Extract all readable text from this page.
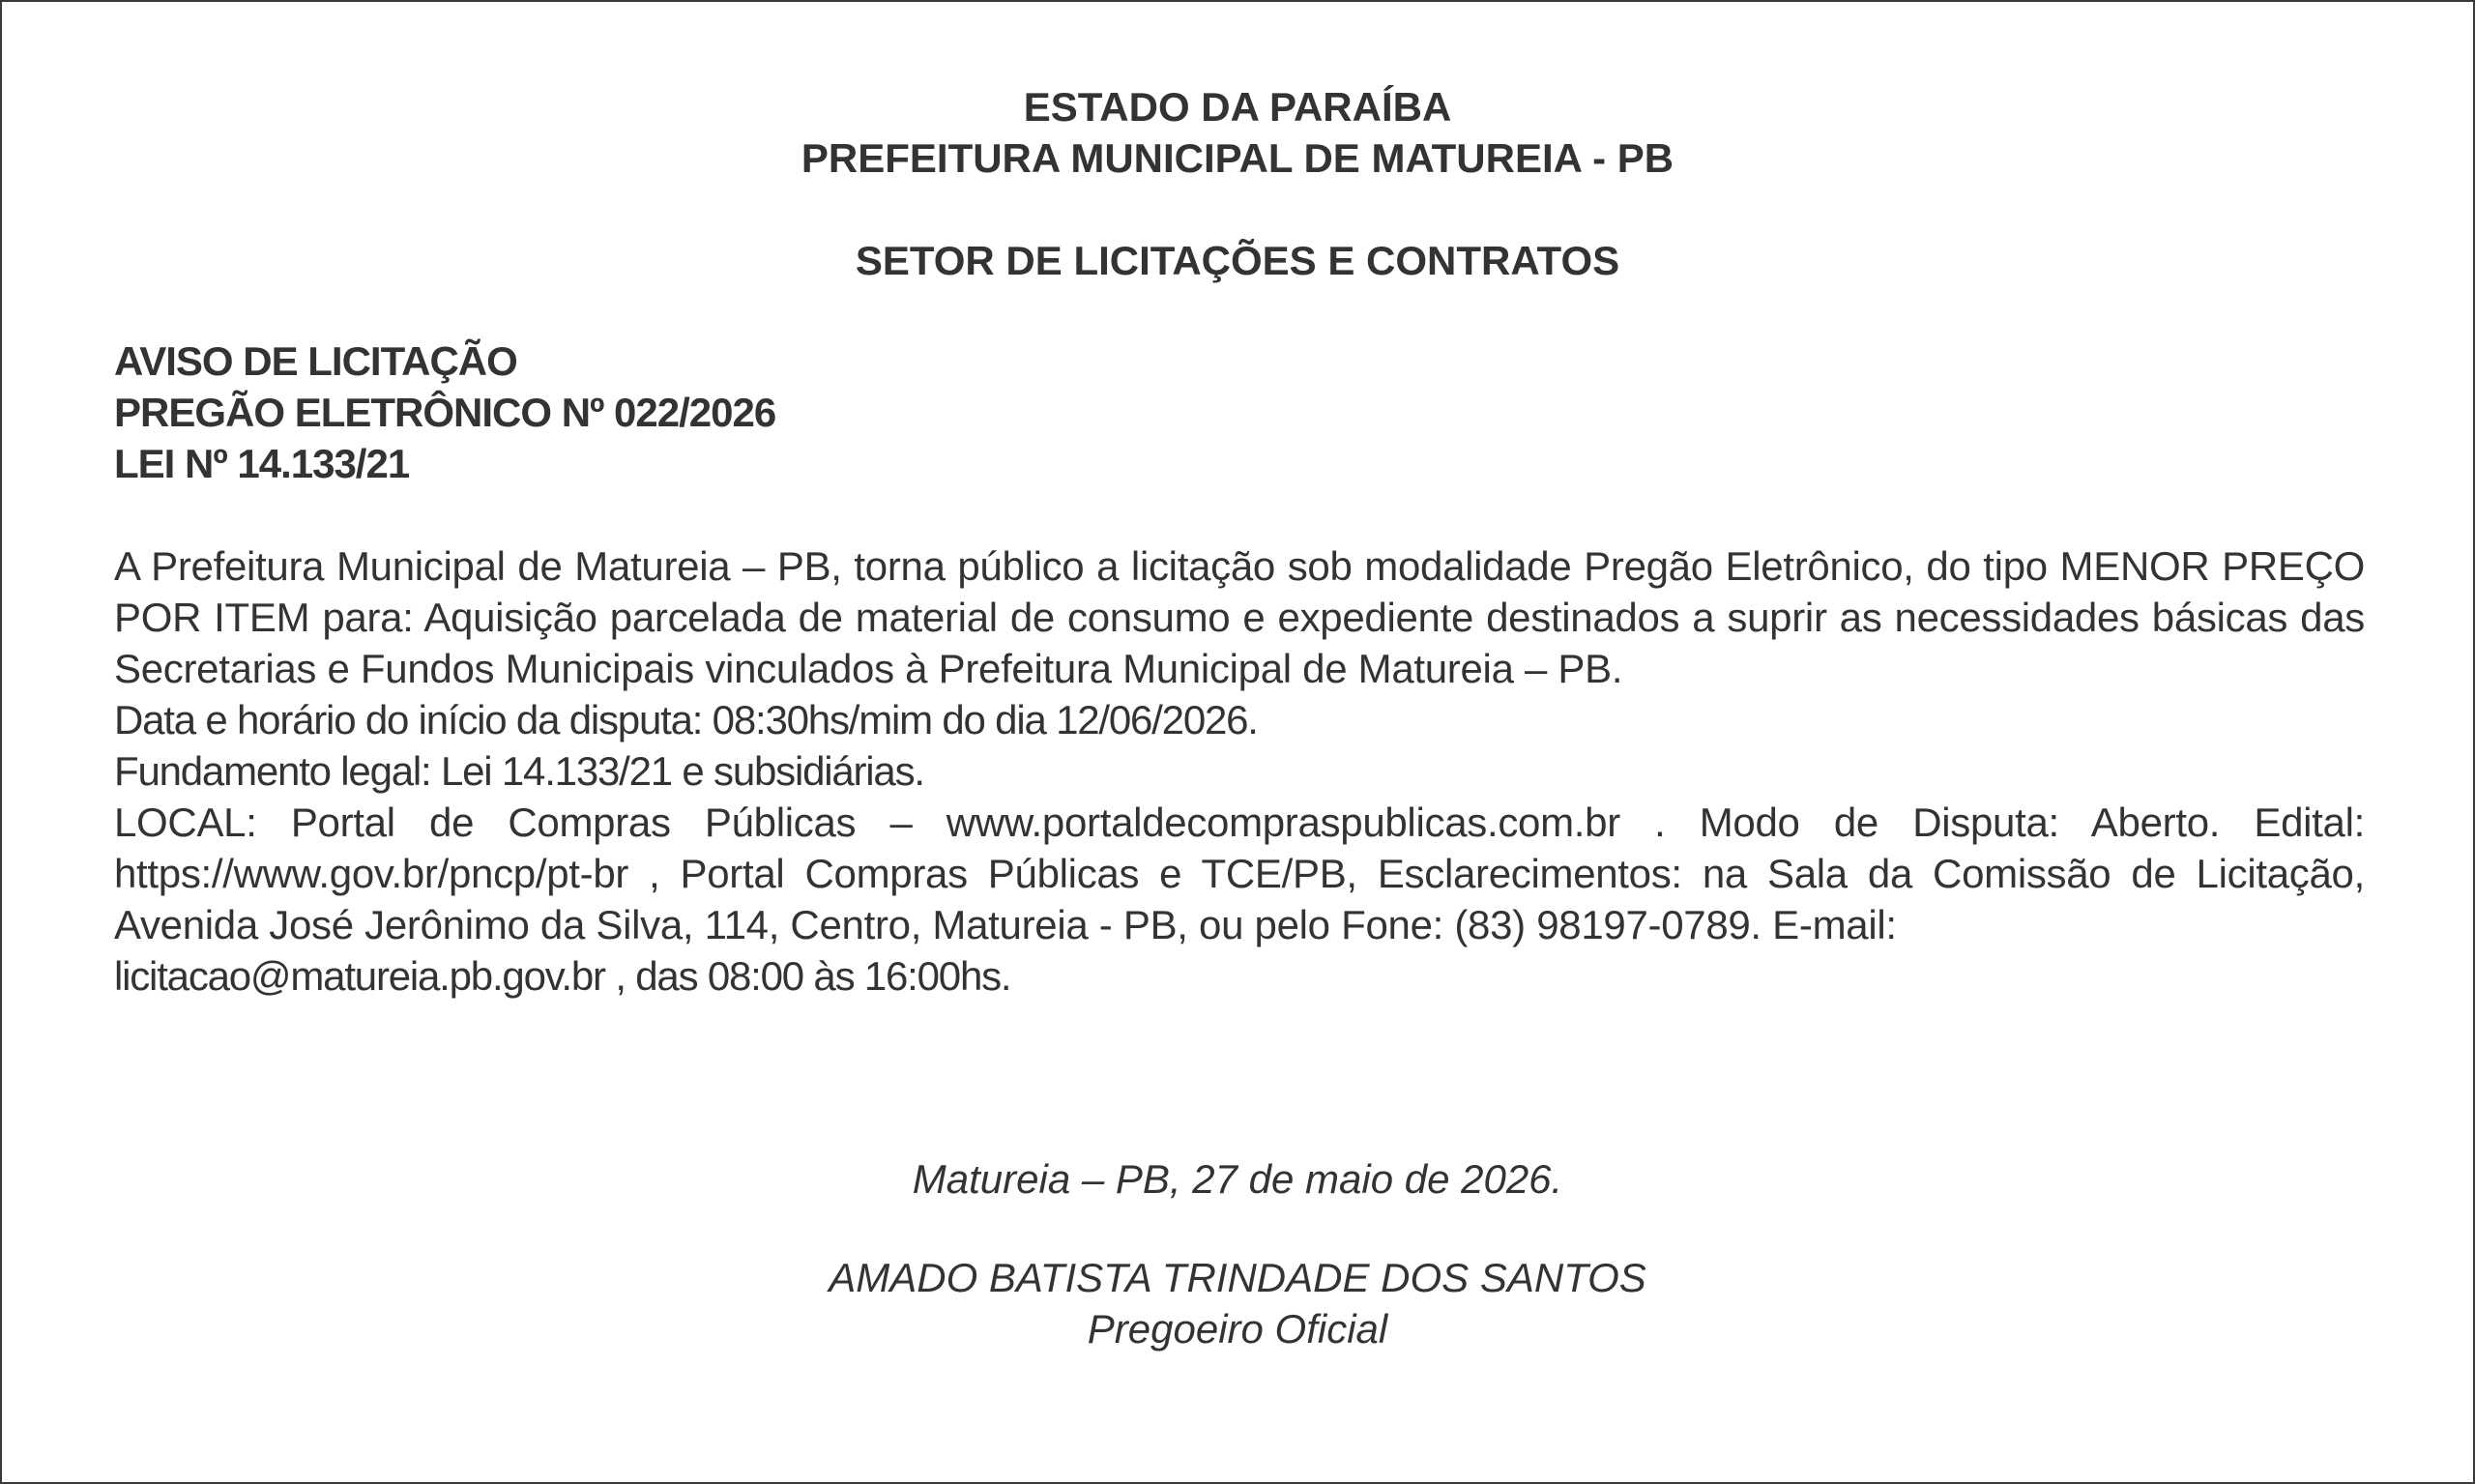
ESTADO DA PARAÍBA
PREFEITURA MUNICIPAL DE MATUREIA - PB
SETOR DE LICITAÇÕES E CONTRATOS
AVISO DE LICITAÇÃO
PREGÃO ELETRÔNICO Nº 022/2026
LEI Nº 14.133/21

A Prefeitura Municipal de Matureia – PB, torna público a licitação sob modalidade Pregão Eletrônico, do tipo MENOR PREÇO POR ITEM para: Aquisição parcelada de material de consumo e expediente destinados a suprir as necessidades básicas das Secretarias e Fundos Municipais vinculados à Prefeitura Municipal de Matureia – PB.

Data e horário do início da disputa: 08:30hs/mim do dia 12/06/2026.

Fundamento legal: Lei 14.133/21 e subsidiárias.

LOCAL: Portal de Compras Públicas – www.portaldecompraspublicas.com.br . Modo de Disputa: Aberto. Edital: https://www.gov.br/pncp/pt-br , Portal Compras Públicas e TCE/PB, Esclarecimentos: na Sala da Comissão de Licitação, Avenida José Jerônimo da Silva, 114, Centro, Matureia - PB, ou pelo Fone: (83) 98197-0789. E-mail:

licitacao@matureia.pb.gov.br , das 08:00 às 16:00hs.

Matureia – PB, 27 de maio de 2026.
AMADO BATISTA TRINDADE DOS SANTOS
Pregoeiro Oficial
